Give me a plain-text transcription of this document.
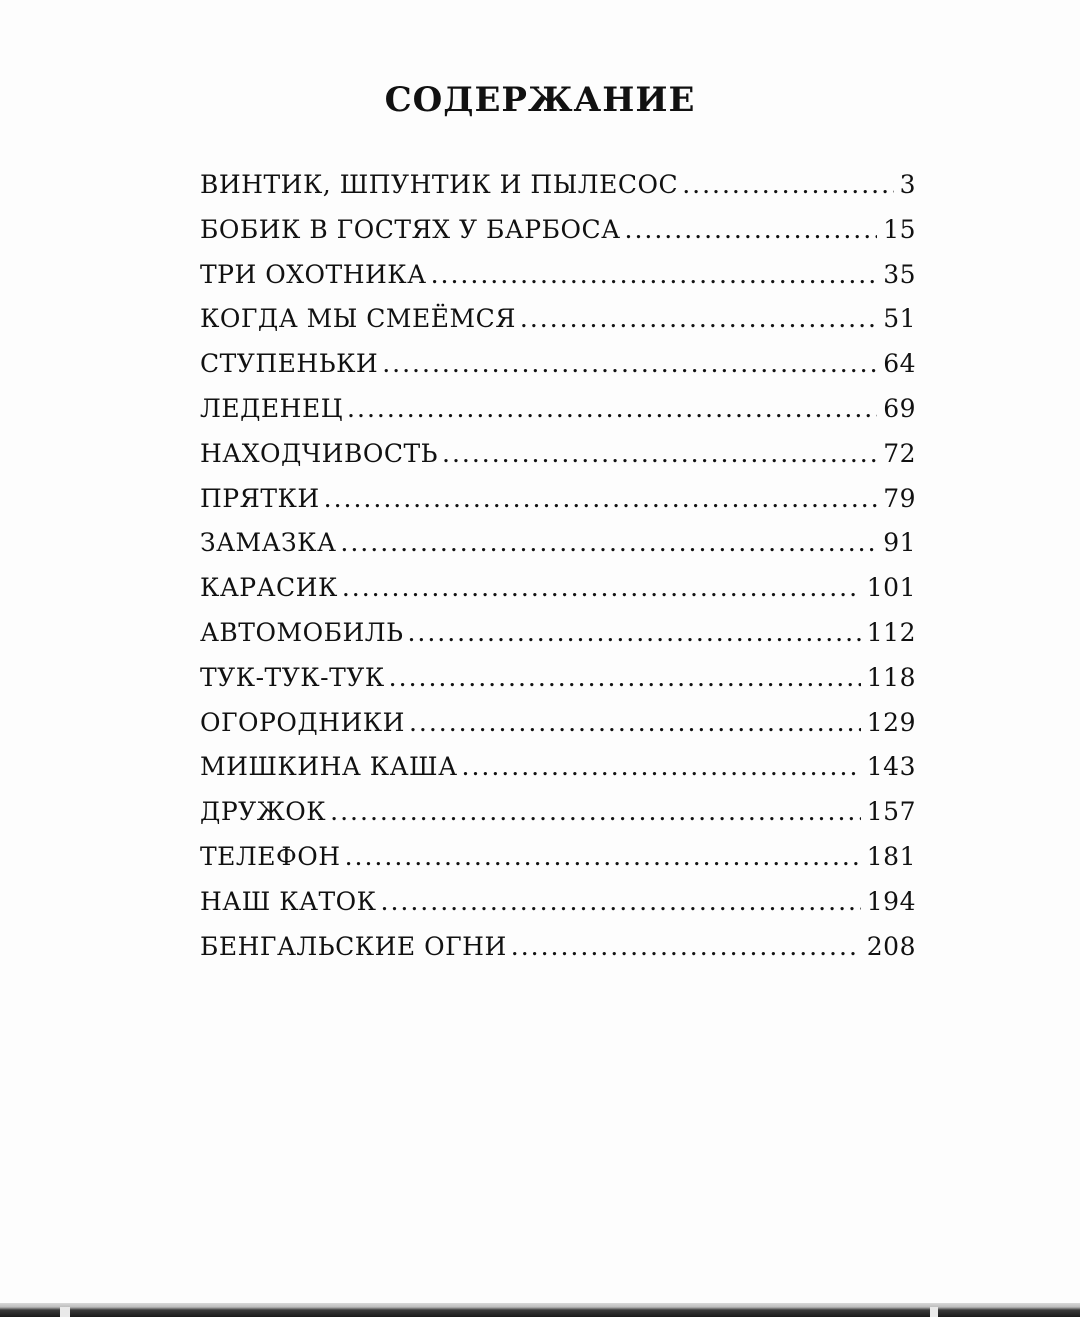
СОДЕРЖАНИЕ
ВИНТИК, ШПУНТИК И ПЫЛЕСОС .....	3
БОБИК В ГОСТЯХ У БАРБОСА .....	15
ТРИ ОХОТНИКА .....	35
КОГДА МЫ СМЕЁМСЯ .....	51
СТУПЕНЬКИ .....	64
ЛЕДЕНЕЦ .....	69
НАХОДЧИВОСТЬ .....	72
ПРЯТКИ .....	79
ЗАМАЗКА .....	91
КАРАСИК .....	101
АВТОМОБИЛЬ .....	112
ТУК-ТУК-ТУК .....	118
ОГОРОДНИКИ .....	129
МИШКИНА КАША .....	143
ДРУЖОК .....	157
ТЕЛЕФОН .....	181
НАШ КАТОК .....	194
БЕНГАЛЬСКИЕ ОГНИ .....	208
